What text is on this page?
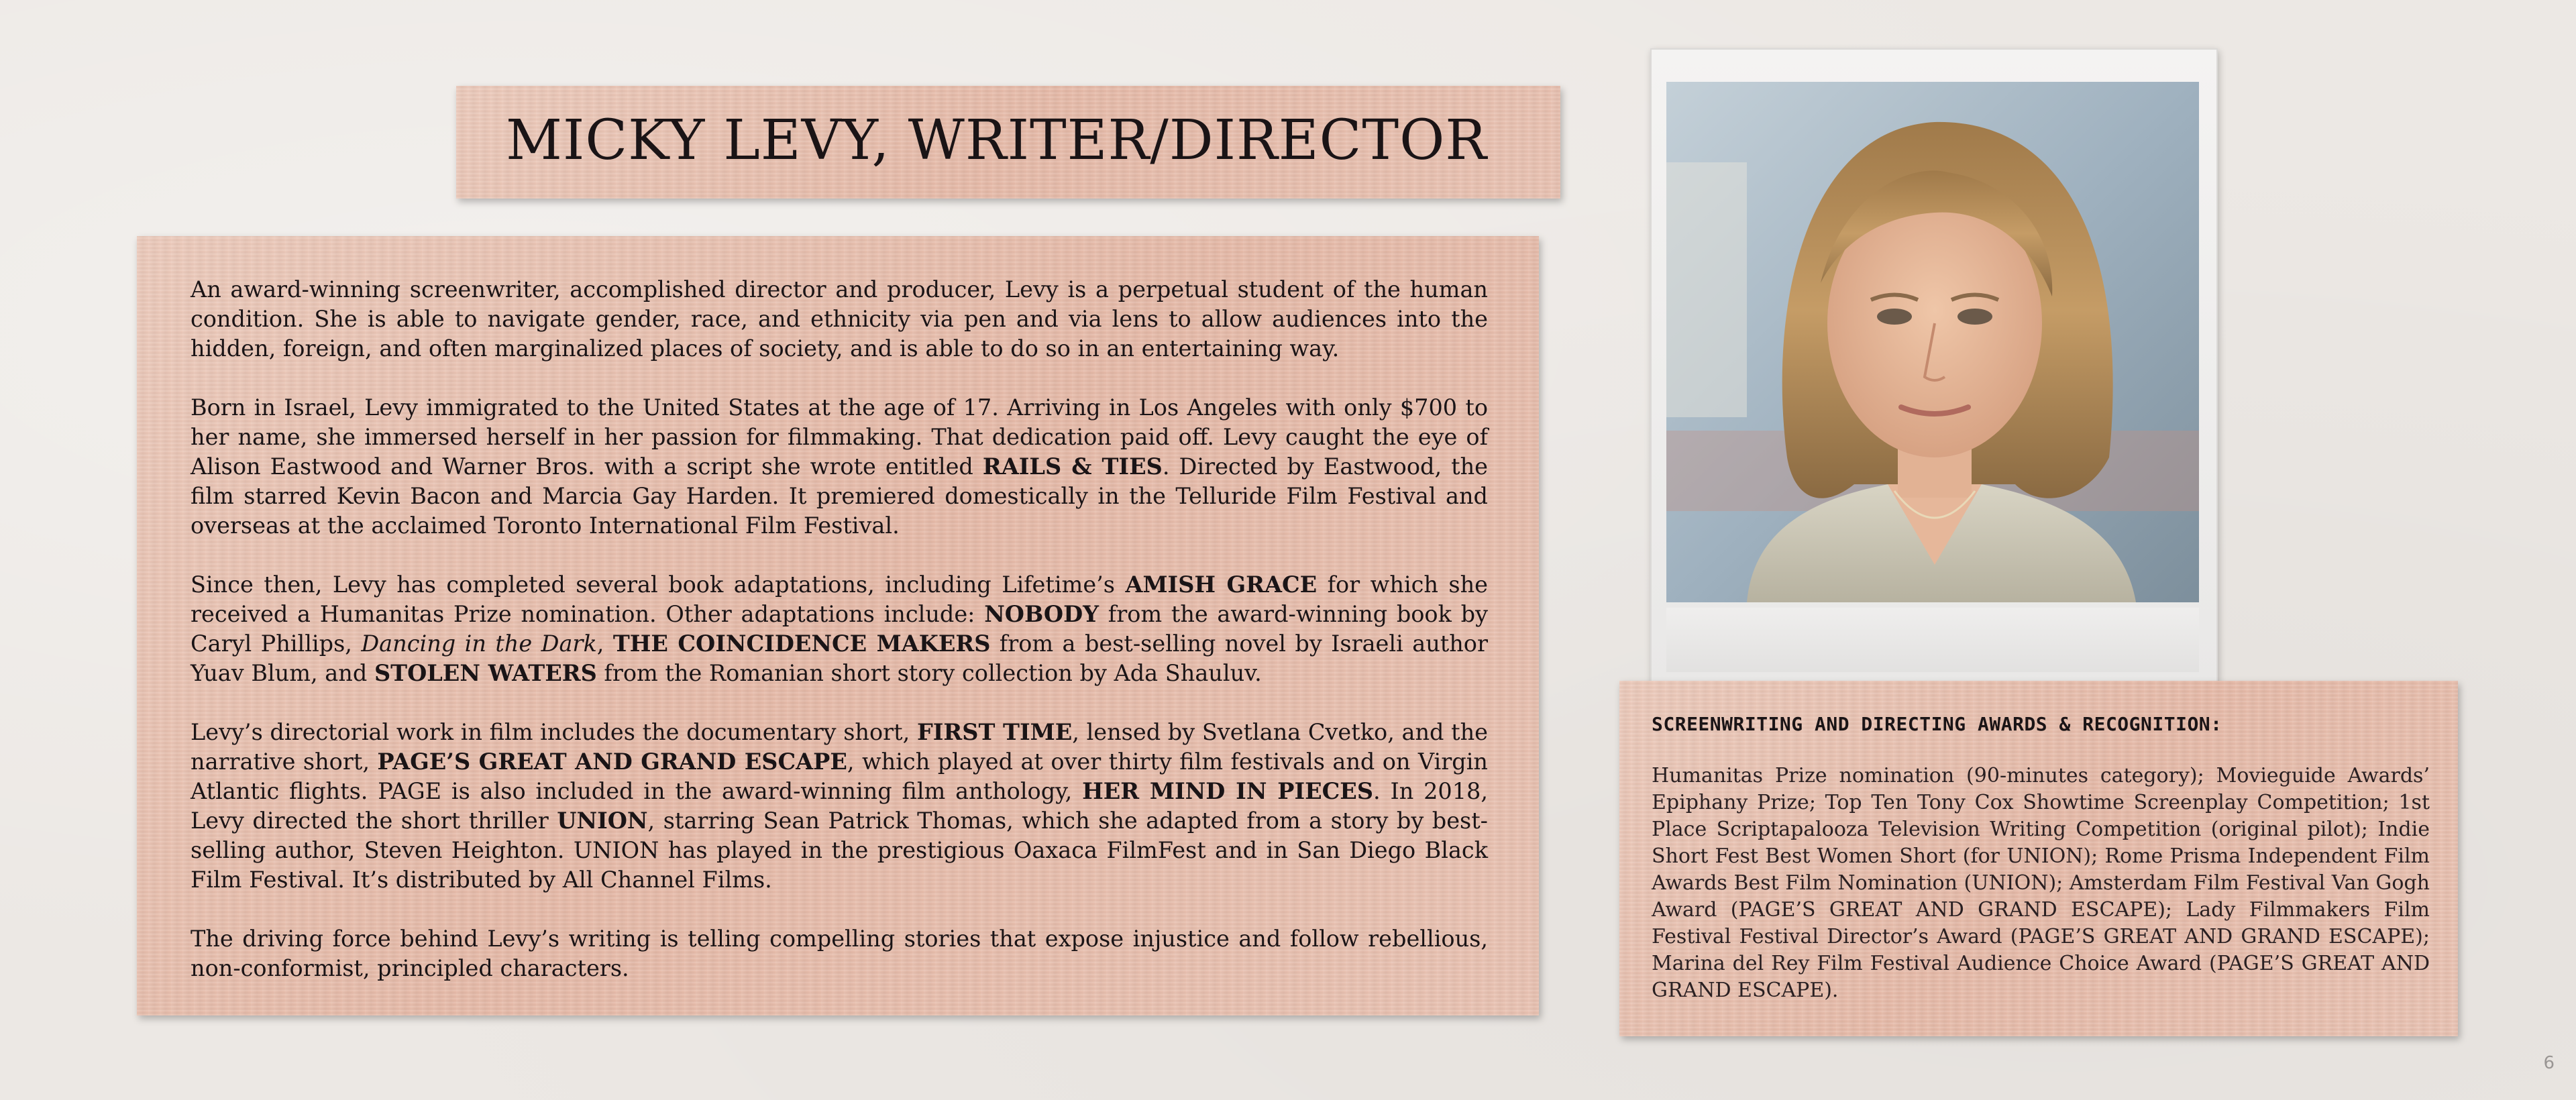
MICKY LEVY, WRITER/DIRECTOR

An award-winning screenwriter, accomplished director and producer, Levy is a perpetual student of the human condition. She is able to navigate gender, race, and ethnicity via pen and via lens to allow audiences into the hidden, foreign, and often marginalized places of society, and is able to do so in an entertaining way.

Born in Israel, Levy immigrated to the United States at the age of 17. Arriving in Los Angeles with only $700 to her name, she immersed herself in her passion for filmmaking. That dedication paid off. Levy caught the eye of Alison Eastwood and Warner Bros. with a script she wrote entitled RAILS & TIES. Directed by Eastwood, the film starred Kevin Bacon and Marcia Gay Harden. It premiered domestically in the Telluride Film Festival and overseas at the acclaimed Toronto International Film Festival.

Since then, Levy has completed several book adaptations, including Lifetime’s AMISH GRACE for which she received a Humanitas Prize nomination. Other adaptations include: NOBODY from the award-winning book by Caryl Phillips, Dancing in the Dark, THE COINCIDENCE MAKERS from a best-selling novel by Israeli author Yuav Blum, and STOLEN WATERS from the Romanian short story collection by Ada Shauluv.

Levy’s directorial work in film includes the documentary short, FIRST TIME, lensed by Svetlana Cvetko, and the narrative short, PAGE’S GREAT AND GRAND ESCAPE, which played at over thirty film festivals and on Virgin Atlantic flights. PAGE is also included in the award-winning film anthology, HER MIND IN PIECES. In 2018, Levy directed the short thriller UNION, starring Sean Patrick Thomas, which she adapted from a story by best-selling author, Steven Heighton. UNION has played in the prestigious Oaxaca FilmFest and in San Diego Black Film Festival. It’s distributed by All Channel Films.

The driving force behind Levy’s writing is telling compelling stories that expose injustice and follow rebellious, non-conformist, principled characters.

SCREENWRITING AND DIRECTING AWARDS & RECOGNITION:
Humanitas Prize nomination (90-minutes category); Movieguide Awards’ Epiphany Prize; Top Ten Tony Cox Showtime Screenplay Competition; 1st Place Scriptapalooza Television Writing Competition (original pilot); Indie Short Fest Best Women Short (for UNION); Rome Prisma Independent Film Awards Best Film Nomination (UNION); Amsterdam Film Festival Van Gogh Award (PAGE’S GREAT AND GRAND ESCAPE); Lady Filmmakers Film Festival Festival Director’s Award (PAGE’S GREAT AND GRAND ESCAPE); Marina del Rey Film Festival Audience Choice Award (PAGE’S GREAT AND GRAND ESCAPE).
6
